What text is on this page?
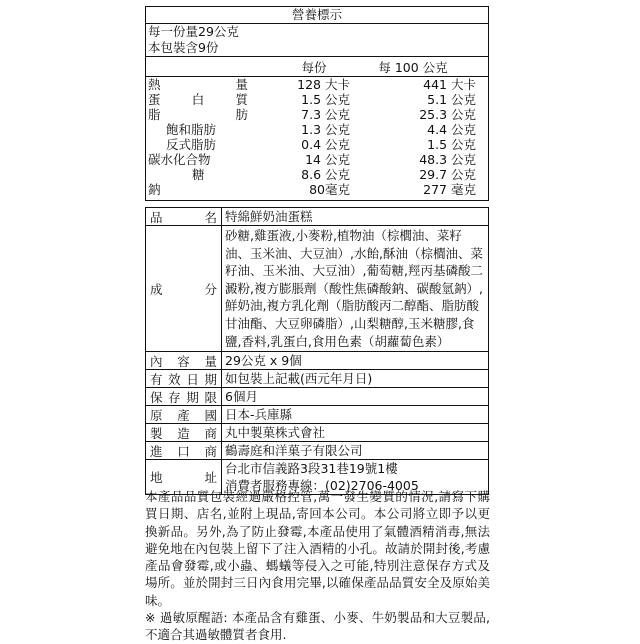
營養標示
每一份量29公克
本包裝含9份
每份	每 100 公克
熱	量	128 大卡	441 大卡
蛋 白 質	1.5 公克	5.1 公克
脂	肪	7.3 公克	25.3 公克
飽和脂肪	1.3 公克	4.4 公克
反式脂肪	0.4 公克	1.5 公克
碳水化合物	14 公克	48.3 公克
糖	8.6 公克	29.7 公克
鈉	80毫克	277 毫克
品	名 特綿鮮奶油蛋糕
成	分
砂糖,雞蛋液,小麥粉,植物油（棕櫚油、菜籽油、玉米油、大豆油）,水飴,酥油（棕櫚油、菜籽油、玉米油、大豆油）,葡萄糖,羥丙基磷酸二澱粉,複方膨脹劑（酸性焦磷酸鈉、碳酸氫鈉）,鮮奶油,複方乳化劑（脂肪酸丙二醇酯、脂肪酸甘油酯、大豆卵磷脂）,山梨糖醇,玉米糖膠,食鹽,香料,乳蛋白,食用色素（胡蘿蔔色素）
內 容 量 29公克 x 9個
有 效 日 期 如包裝上記載(西元年月日)
保 存 期 限 6個月
原 產 國 日本-兵庫縣
製 造 商 丸中製菓株式會社
進 口 商 鶴壽庭和洋菓子有限公司
地	址
台北市信義路3段31巷19號1樓
消費者服務專線：(02)2706-4005

本產品品質包裝經過嚴格控管,萬一發生變質的情況,請寫下購買日期、店名,並附上現品,寄回本公司。本公司將立即予以更換新品。另外,為了防止發霉,本產品使用了氣體酒精消毒,無法避免地在內包裝上留下了注入酒精的小孔。故請於開封後,考慮產品會發霉,或小蟲、螞蟻等侵入之可能,特別注意保存方式及場所。並於開封三日內食用完畢,以確保產品品質安全及原始美味。

※ 過敏原醒語: 本產品含有雞蛋、小麥、牛奶製品和大豆製品,不適合其過敏體質者食用.
